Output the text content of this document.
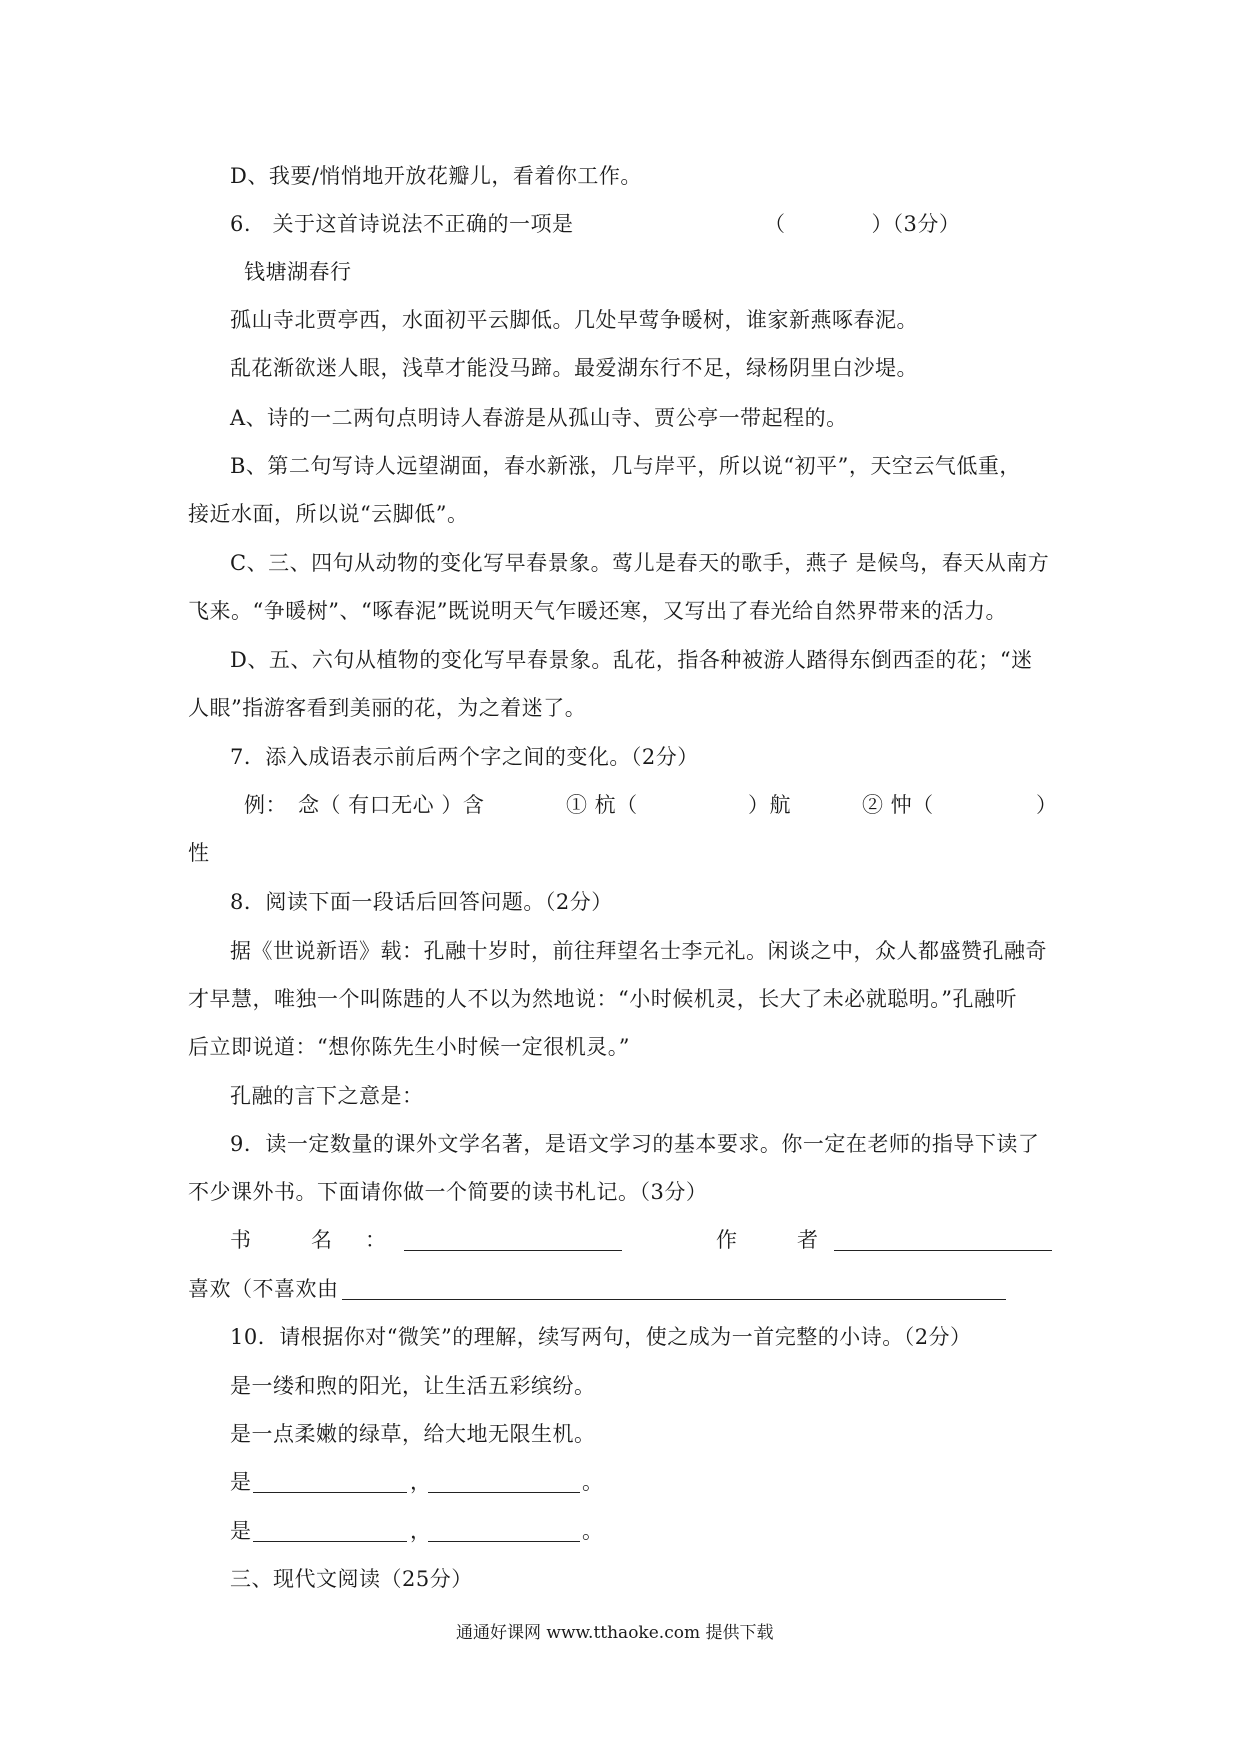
D、我要/悄悄地开放花瓣儿，看着你工作。
6.　关于这首诗说法不正确的一项是	（　　　　）
（3分）
钱塘湖春行
孤山寺北贾亭西，水面初平云脚低。几处早莺争暖树，谁家新燕啄春泥。
乱花渐欲迷人眼，浅草才能没马蹄。最爱湖东行不足，绿杨阴里白沙堤。
A、诗的一二两句点明诗人春游是从孤山寺、贾公亭一带起程的。
B、第二句写诗人远望湖面，春水新涨，几与岸平，所以说“初平”，天空云气低重，
接近水面，所以说“云脚低”。
C、三、四句从动物的变化写早春景象。莺儿是春天的歌手，燕子 是候鸟，春天从南方
飞来。“争暖树”、“啄春泥”既说明天气乍暖还寒，又写出了春光给自然界带来的活力。
D、五、六句从植物的变化写早春景象。乱花，指各种被游人踏得东倒西歪的花；“迷
人眼”指游客看到美丽的花，为之着迷了。
7．添入成语表示前后两个字之间的变化。（2分）
例：　念（ 有口无心 ）含	① 杭（	）航	② 忡（	）
性
8．阅读下面一段话后回答问题。（2分）
据《世说新语》载：孔融十岁时，前往拜望名士李元礼。闲谈之中，众人都盛赞孔融奇
才早慧，唯独一个叫陈韪的人不以为然地说：“小时候机灵，长大了未必就聪明。”孔融听
后立即说道：“想你陈先生小时候一定很机灵。”
孔融的言下之意是：
9．读一定数量的课外文学名著，是语文学习的基本要求。你一定在老师的指导下读了
不少课外书。下面请你做一个简要的读书札记。（3分）
书　　名　：	作　　者
喜欢（不喜欢由
10．请根据你对“微笑”的理解，续写两句，使之成为一首完整的小诗。（2分）
是一缕和煦的阳光，让生活五彩缤纷。
是一点柔嫩的绿草，给大地无限生机。
是	，	。
是	，	。
三、现代文阅读（25分）
通通好课网 www.tthaoke.com 提供下载
